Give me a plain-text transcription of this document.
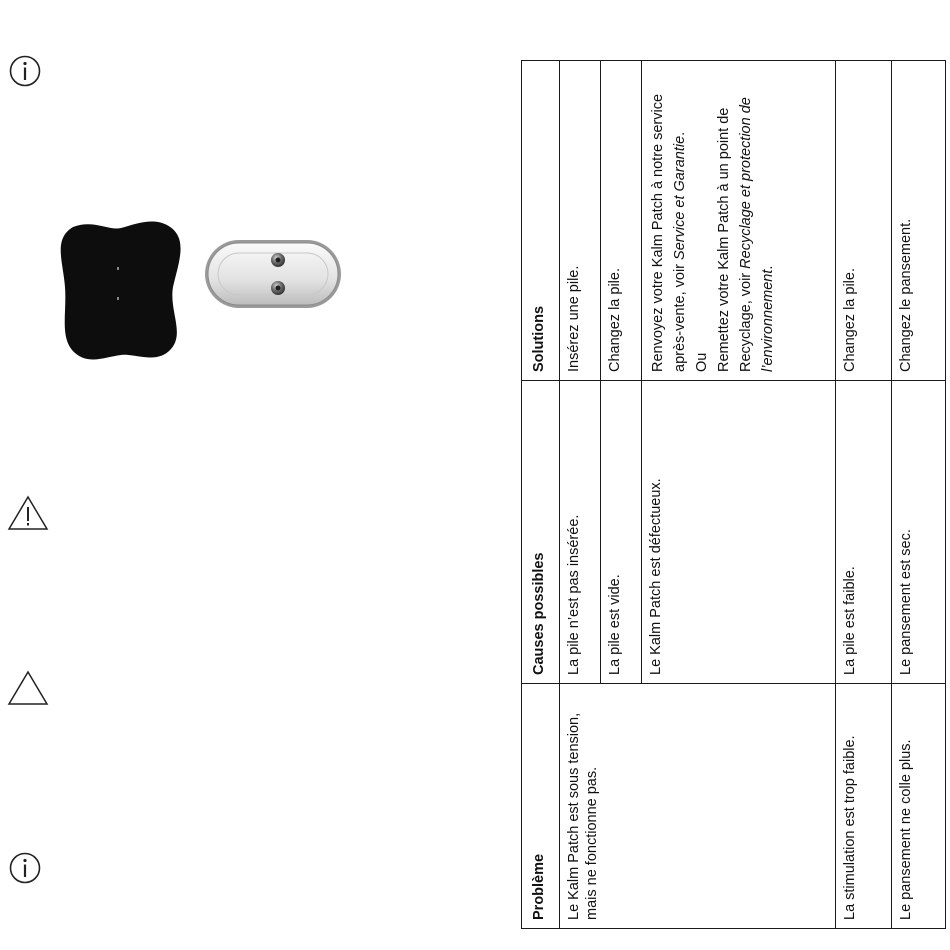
Problème	Causes possibles	Solutions
Le Kalm Patch est sous tension, mais ne fonctionne pas.	La pile n’est pas insérée.	Insérez une pile.
	La pile est vide.	Changez la pile.
	Le Kalm Patch est défectueux.	Renvoyez votre Kalm Patch à notre service après-vente, voir Service et Garantie.
Ou Remettez votre Kalm Patch à un point de Recyclage, voir Recyclage et protection de l’environnement.
La stimulation est trop faible.	La pile est faible.	Changez la pile.
Le pansement ne colle plus.	Le pansement est sec.	Changez le pansement.
